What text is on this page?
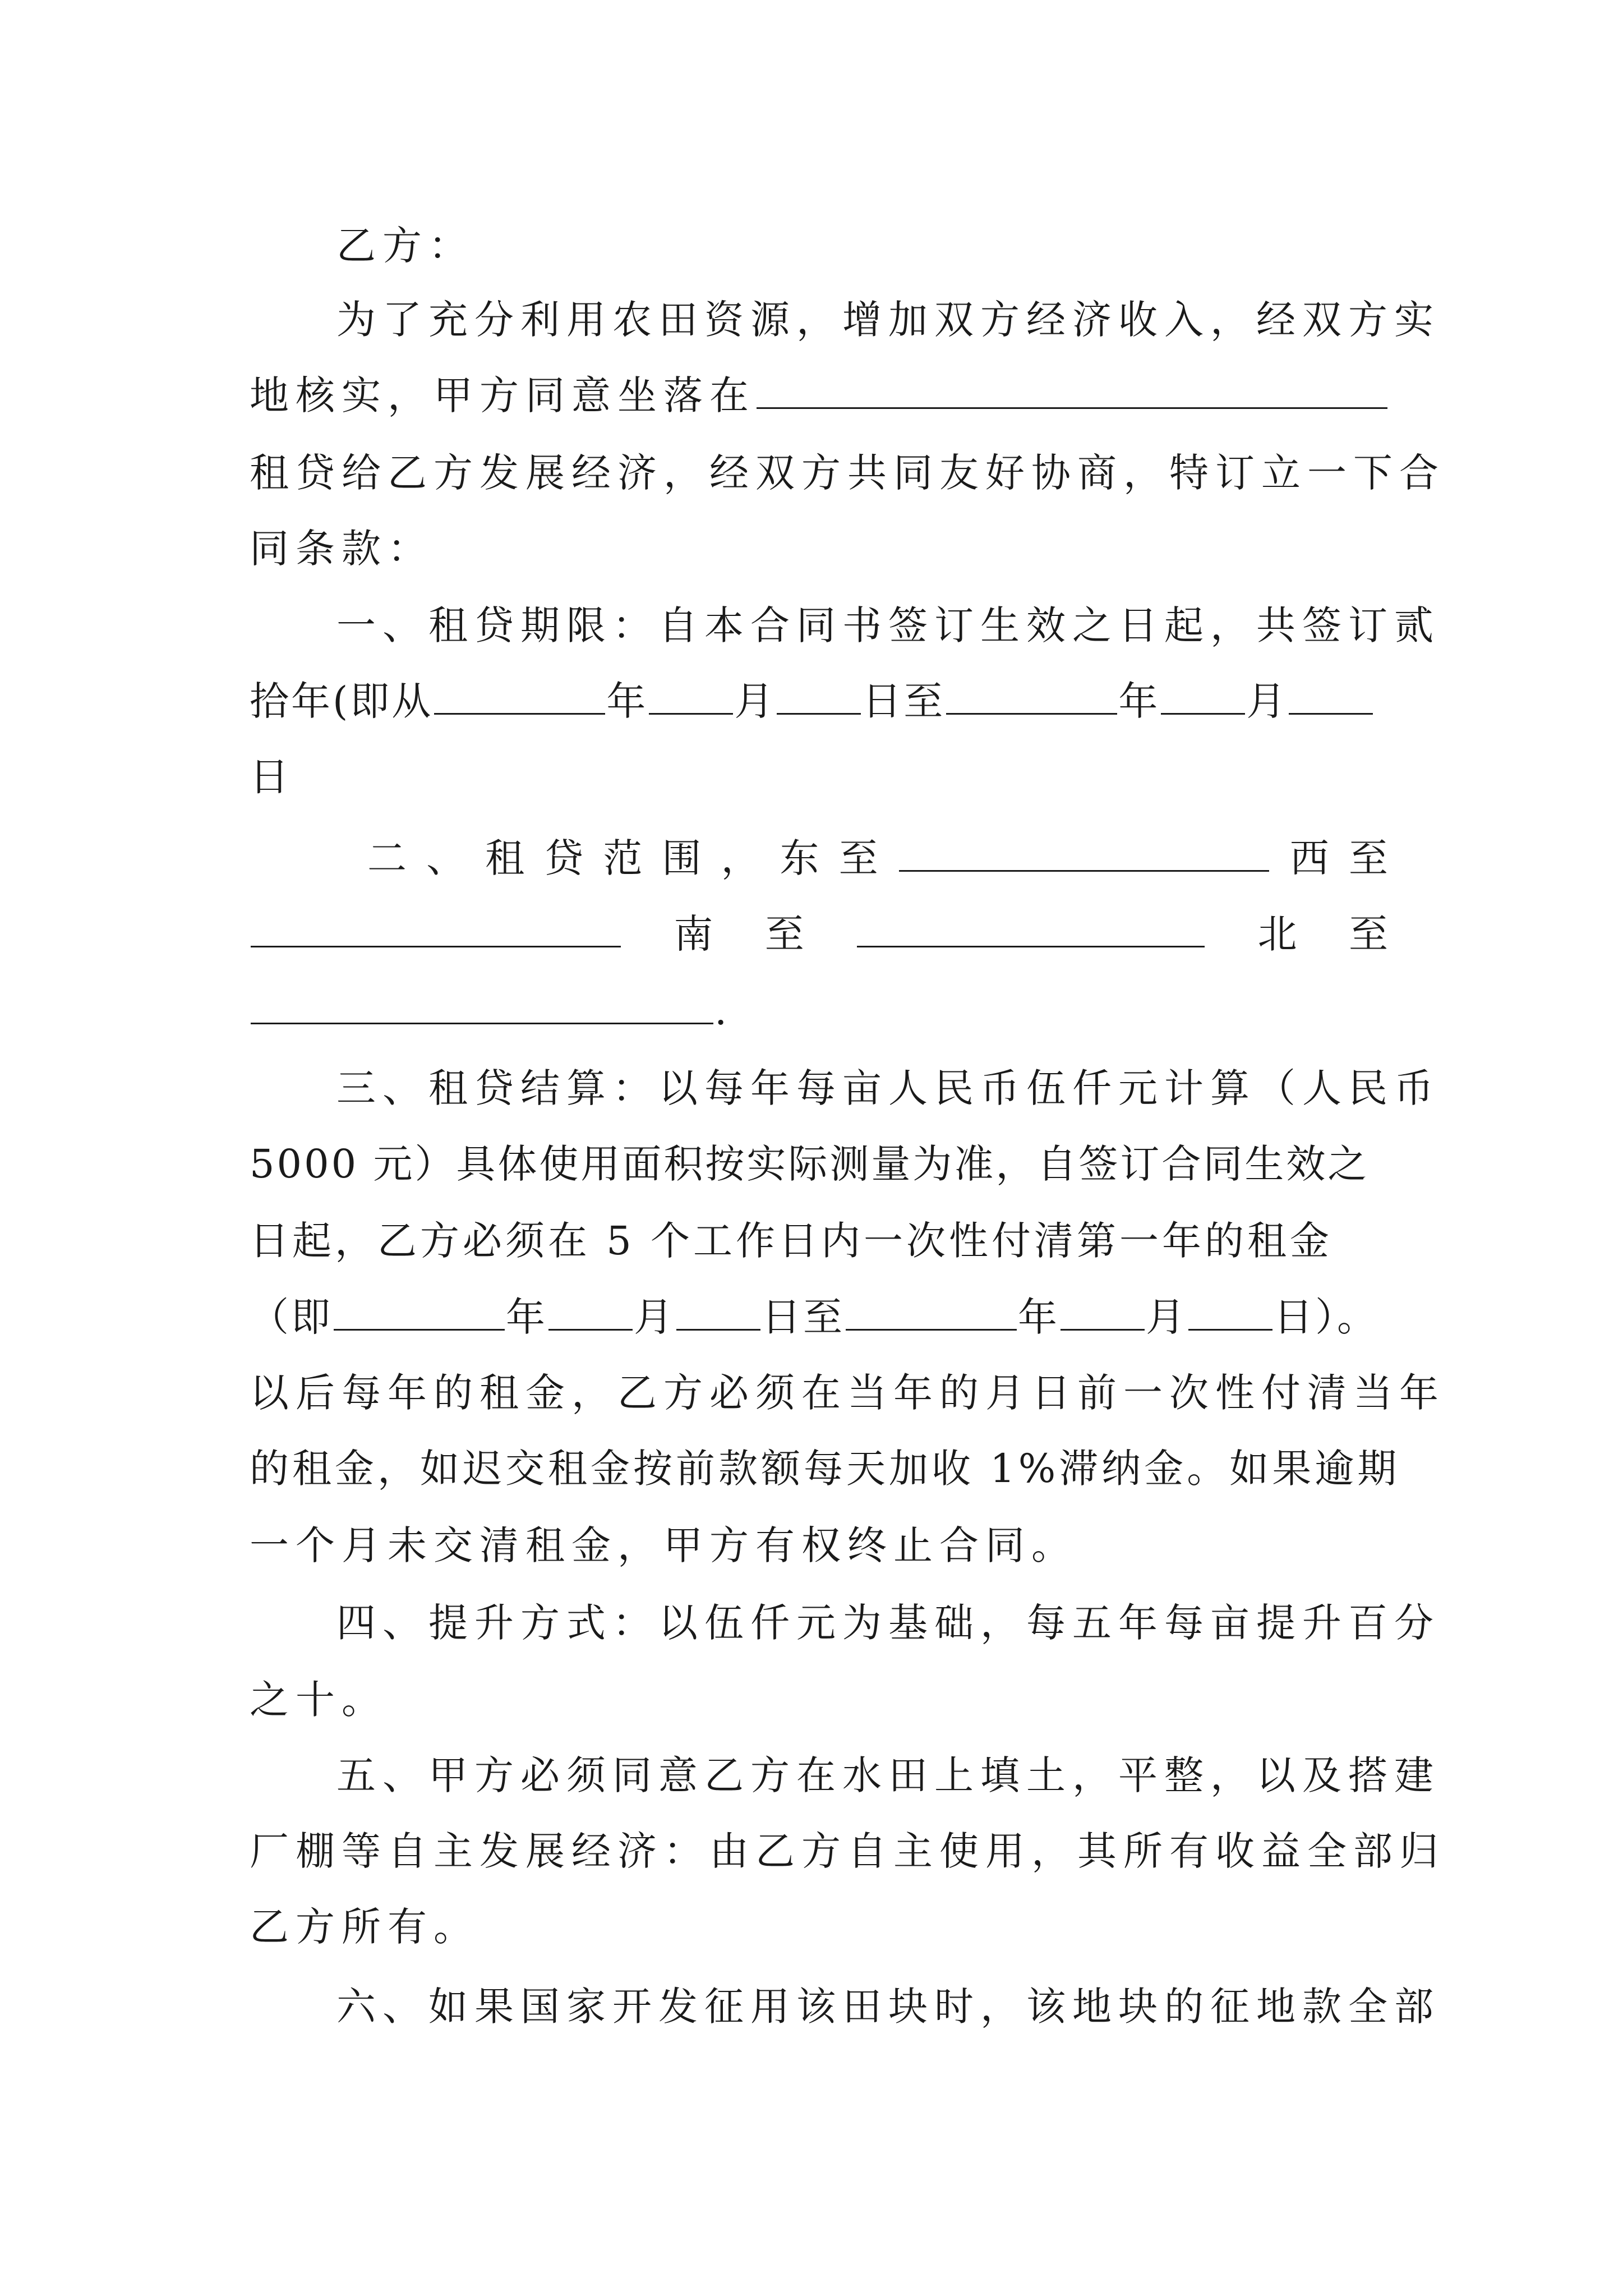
乙方：
为了充分利用农田资源，增加双方经济收入，经双方实
地核实，甲方同意坐落在
租贷给乙方发展经济，经双方共同友好协商，特订立一下合
同条款：
一、租贷期限：自本合同书签订生效之日起，共签订贰
拾年(即从	年 月 日至	年 月
日
二 、 租 贷 范 围 ， 东 至	西 至
南 至	北 至
.
三、租贷结算：以每年每亩人民币伍仟元计算（人民币
5000 元）具体使用面积按实际测量为准，自签订合同生效之
日起，乙方必须在 5 个工作日内一次性付清第一年的租金
（即	年 月 日至	年 月 日）。
以后每年的租金，乙方必须在当年的月日前一次性付清当年
的租金，如迟交租金按前款额每天加收 1%滞纳金。如果逾期
一个月未交清租金，甲方有权终止合同。
四、提升方式：以伍仟元为基础，每五年每亩提升百分
之十。
五、甲方必须同意乙方在水田上填土，平整，以及搭建
厂棚等自主发展经济：由乙方自主使用，其所有收益全部归
乙方所有。
六、如果国家开发征用该田块时，该地块的征地款全部
